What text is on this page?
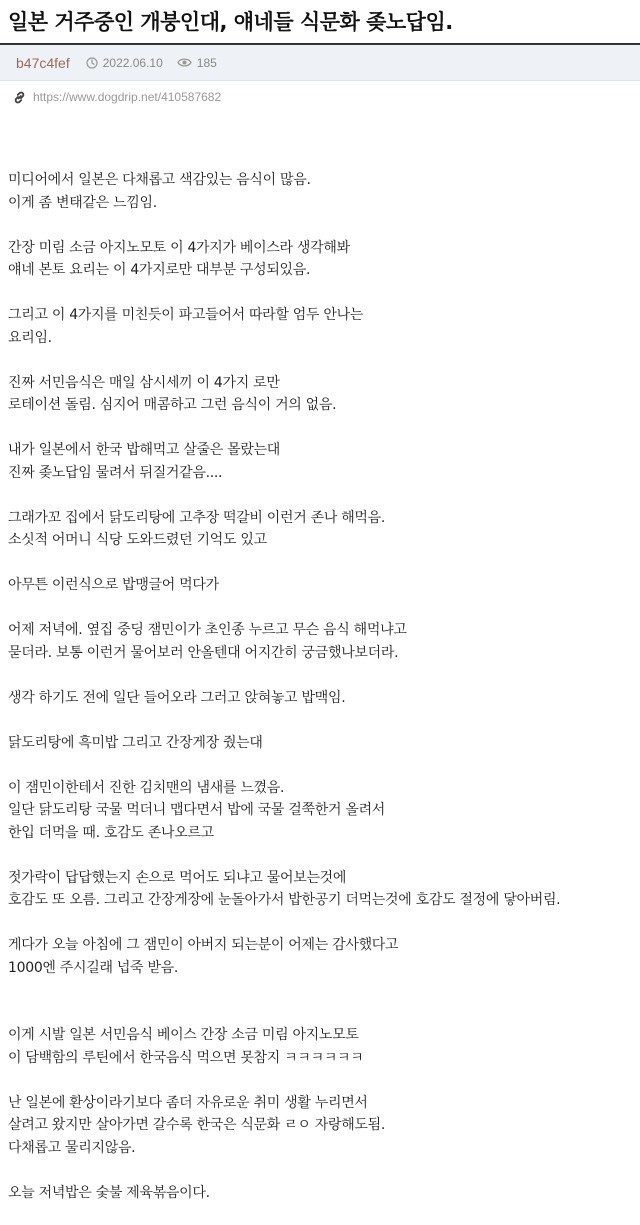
일본 거주중인 개붕인대, 얘네들 식문화 좆노답임.
b47c4fef	2022.06.10	185
https://www.dogdrip.net/410587682

미디어에서 일본은 다채롭고 색감있는 음식이 많음.

이게 좀 변태같은 느낌임.

간장 미림 소금 아지노모토 이 4가지가 베이스라 생각해봐

얘네 본토 요리는 이 4가지로만 대부분 구성되있음.

그리고 이 4가지를 미친듯이 파고들어서 따라할 엄두 안나는

요리임.

진짜 서민음식은 매일 삼시세끼 이 4가지 로만

로테이션 돌림. 심지어 매콤하고 그런 음식이 거의 없음.

내가 일본에서 한국 밥해먹고 살줄은 몰랐는대

진짜 좆노답임 물려서 뒤질거같음....

그래가꼬 집에서 닭도리탕에 고추장 떡갈비 이런거 존나 해먹음.

소싯적 어머니 식당 도와드렸던 기억도 있고

아무튼 이런식으로 밥맹글어 먹다가

어제 저녁에. 옆집 중딩 잼민이가 초인종 누르고 무슨 음식 해먹냐고

묻더라. 보통 이런거 물어보러 안올텐대 어지간히 궁금했나보더라.

생각 하기도 전에 일단 들어오라 그러고 앉혀놓고 밥맥임.

닭도리탕에 흑미밥 그리고 간장게장 줬는대

이 잼민이한테서 진한 김치맨의 냄새를 느꼈음.

일단 닭도리탕 국물 먹더니 맵다면서 밥에 국물 걸쭉한거 올려서

한입 더먹을 때. 호감도 존나오르고

젓가락이 답답했는지 손으로 먹어도 되냐고 물어보는것에

호감도 또 오름. 그리고 간장게장에 눈돌아가서 밥한공기 더먹는것에 호감도 절정에 닿아버림.

게다가 오늘 아침에 그 잼민이 아버지 되는분이 어제는 감사했다고

1000엔 주시길래 넙죽 받음.

이게 시발 일본 서민음식 베이스 간장 소금 미림 아지노모토

이 담백함의 루틴에서 한국음식 먹으면 못참지 ㅋㅋㅋㅋㅋㅋ

난 일본에 환상이라기보다 좀더 자유로운 취미 생활 누리면서

살려고 왔지만 살아가면 갈수록 한국은 식문화 ㄹㅇ 자랑해도됨.

다채롭고 물리지않음.

오늘 저녁밥은 숯불 제육볶음이다.
